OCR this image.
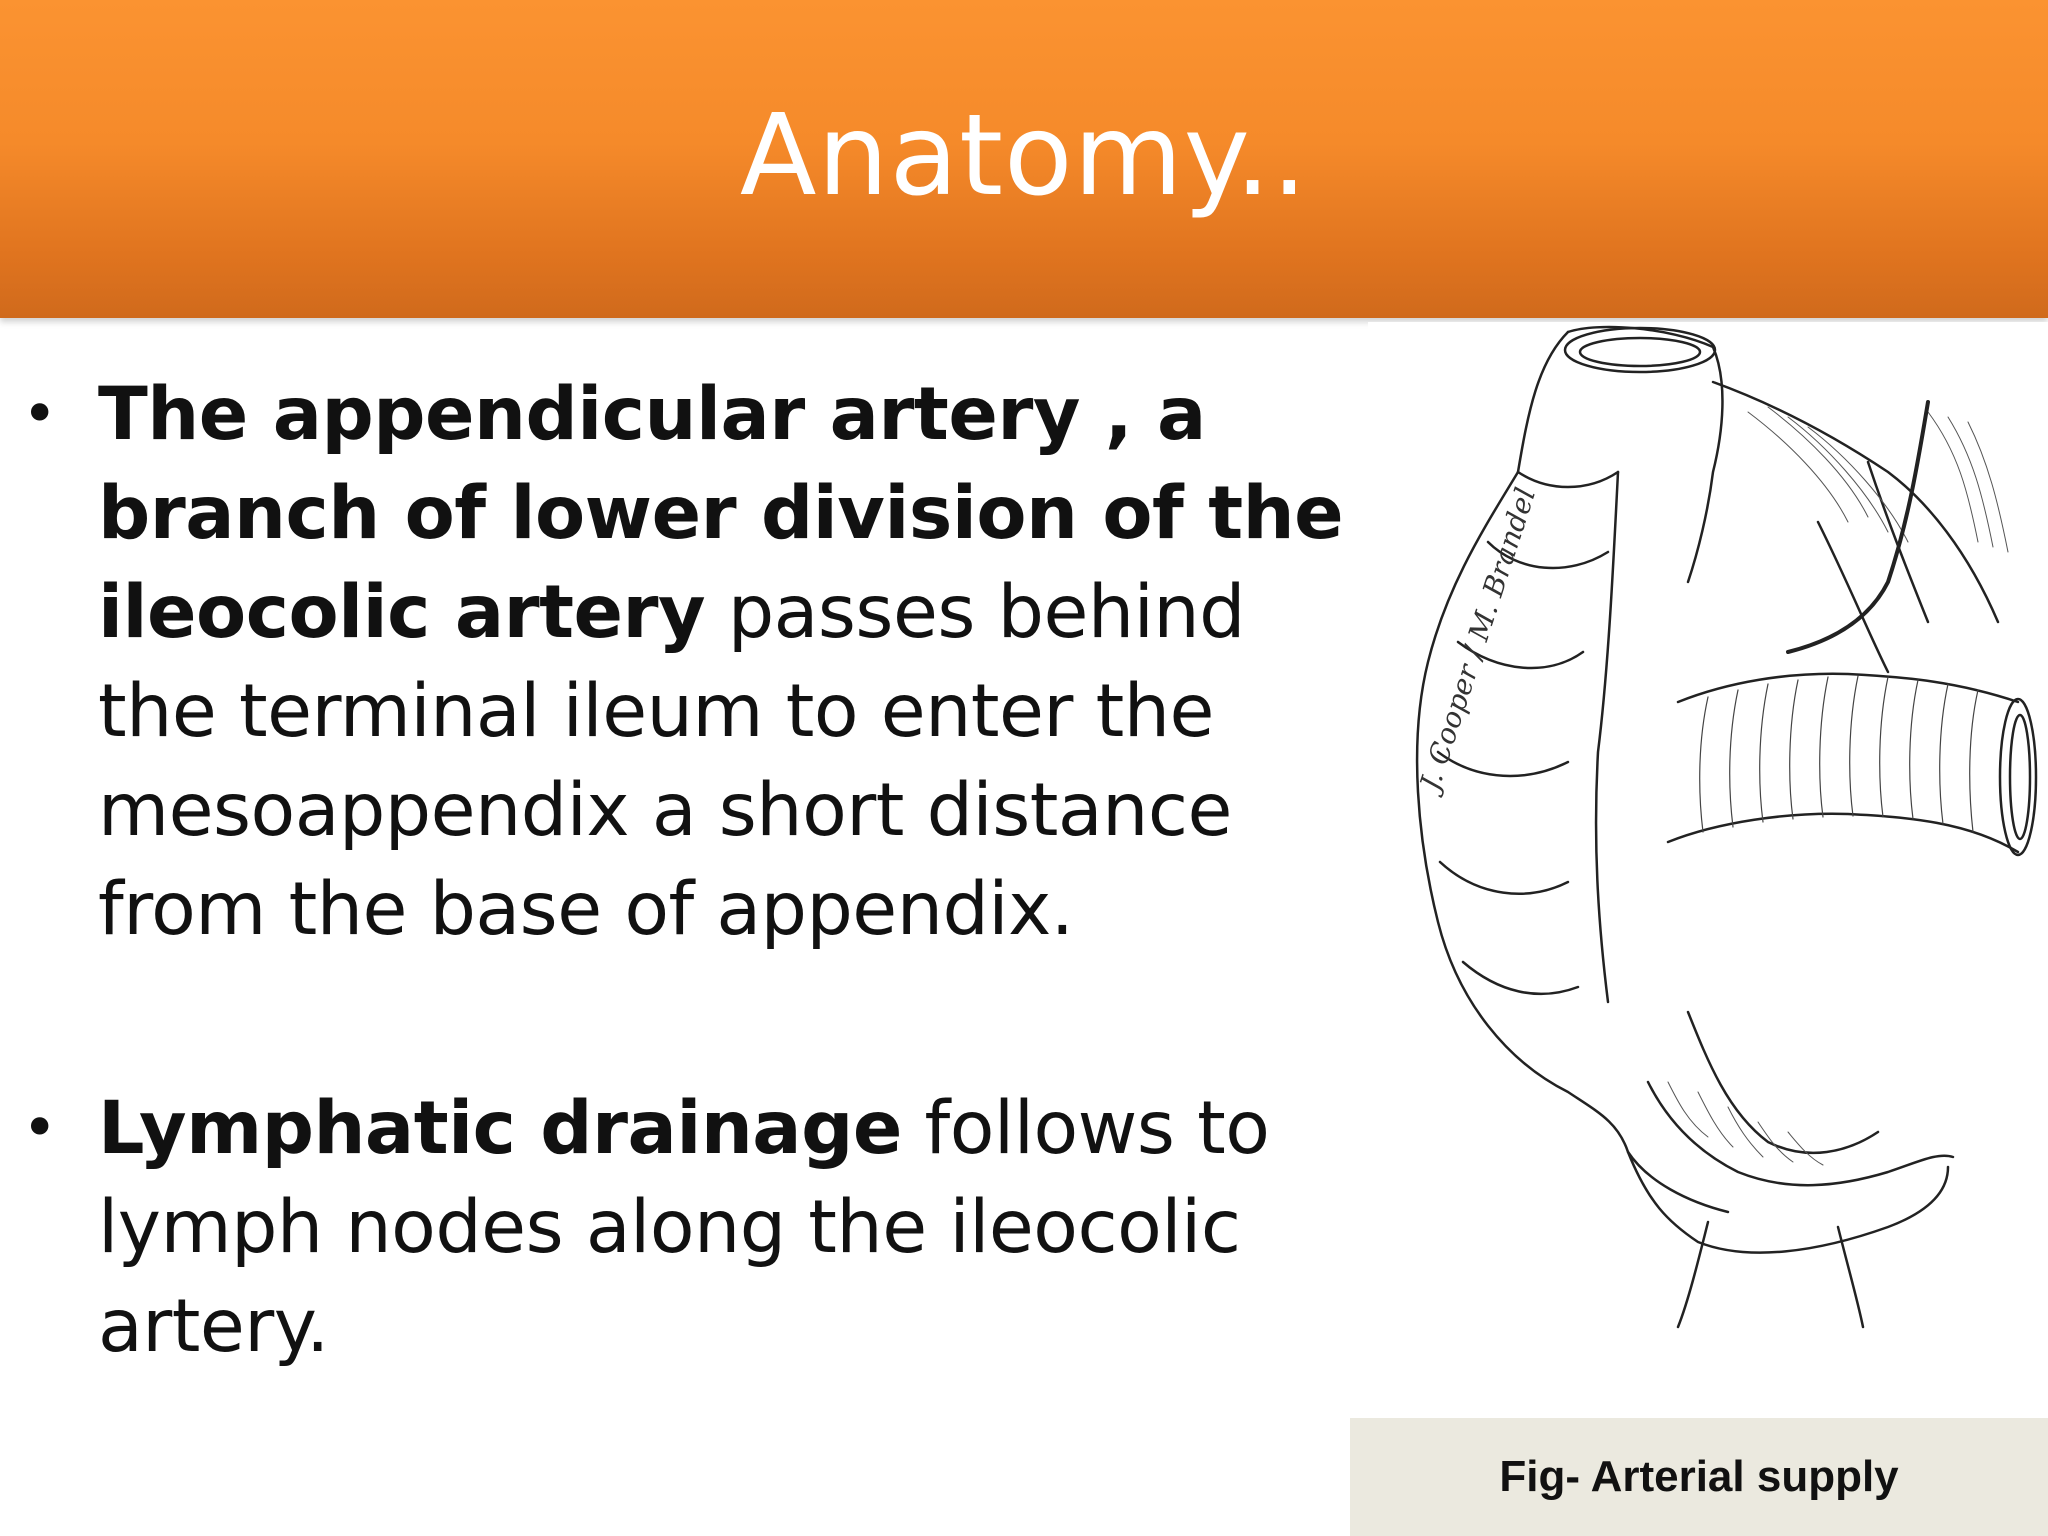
Anatomy..
• The appendicular artery , a branch of lower division of the ileocolic artery passes behind the terminal ileum to enter the mesoappendix a short distance from the base of appendix.
• Lymphatic drainage follows to lymph nodes along the ileocolic artery.
J. Cooper / M. Brandel
Fig- Arterial supply
